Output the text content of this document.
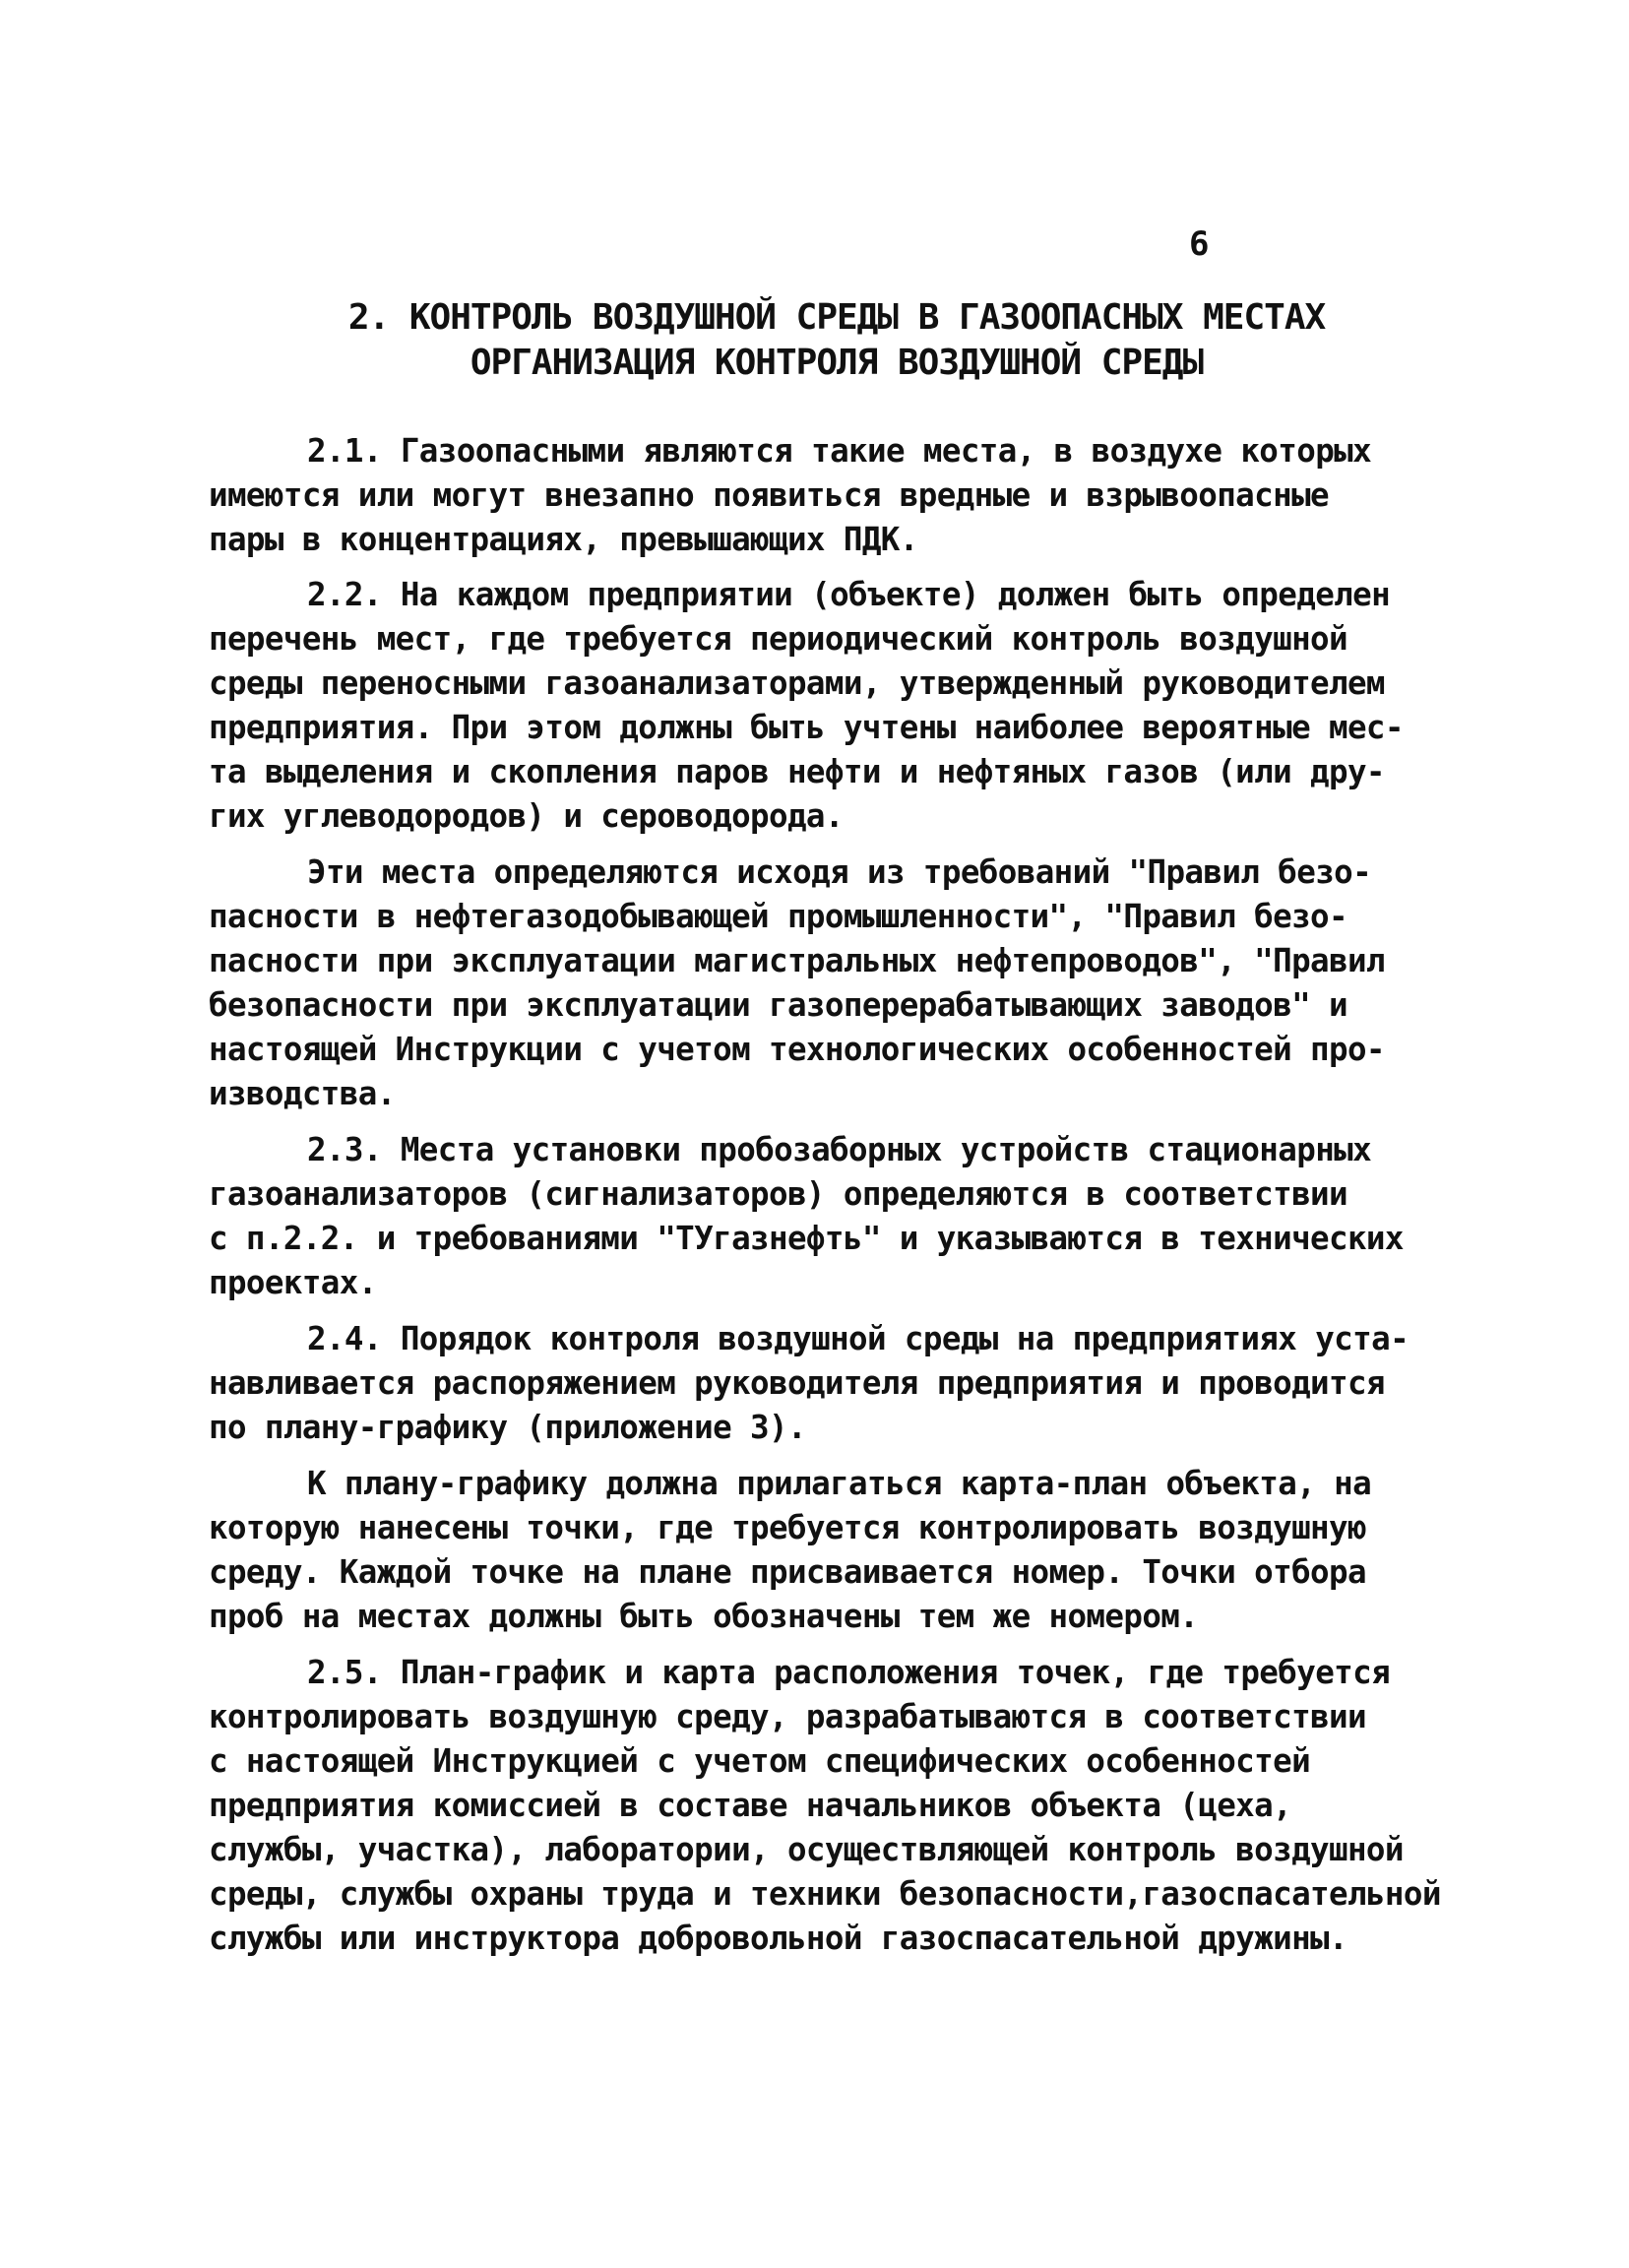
6
2. КОНТРОЛЬ ВОЗДУШНОЙ СРЕДЫ В ГАЗООПАСНЫХ МЕСТАХ
ОРГАНИЗАЦИЯ КОНТРОЛЯ ВОЗДУШНОЙ СРЕДЫ
2.1. Газоопасными являются такие места, в воздухе которых
имеются или могут внезапно появиться вредные и взрывоопасные
пары в концентрациях, превышающих ПДК.
2.2. На каждом предприятии (объекте) должен быть определен
перечень мест, где требуется периодический контроль воздушной
среды переносными газоанализаторами, утвержденный руководителем
предприятия. При этом должны быть учтены наиболее вероятные мес-
та выделения и скопления паров нефти и нефтяных газов (или дру-
гих углеводородов) и сероводорода.
Эти места определяются исходя из требований "Правил безо-
пасности в нефтегазодобывающей промышленности", "Правил безо-
пасности при эксплуатации магистральных нефтепроводов", "Правил
безопасности при эксплуатации газоперерабатывающих заводов" и
настоящей Инструкции с учетом технологических особенностей про-
изводства.
2.3. Места установки пробозаборных устройств стационарных
газоанализаторов (сигнализаторов) определяются в соответствии
с п.2.2. и требованиями "ТУгазнефть" и указываются в технических
проектах.
2.4. Порядок контроля воздушной среды на предприятиях уста-
навливается распоряжением руководителя предприятия и проводится
по плану-графику (приложение 3).
К плану-графику должна прилагаться карта-план объекта, на
которую нанесены точки, где требуется контролировать воздушную
среду. Каждой точке на плане присваивается номер. Точки отбора
проб на местах должны быть обозначены тем же номером.
2.5. План-график и карта расположения точек, где требуется
контролировать воздушную среду, разрабатываются в соответствии
с настоящей Инструкцией с учетом специфических особенностей
предприятия комиссией в составе начальников объекта (цеха,
службы, участка), лаборатории, осуществляющей контроль воздушной
среды, службы охраны труда и техники безопасности,газоспасательной
службы или инструктора добровольной газоспасательной дружины.
